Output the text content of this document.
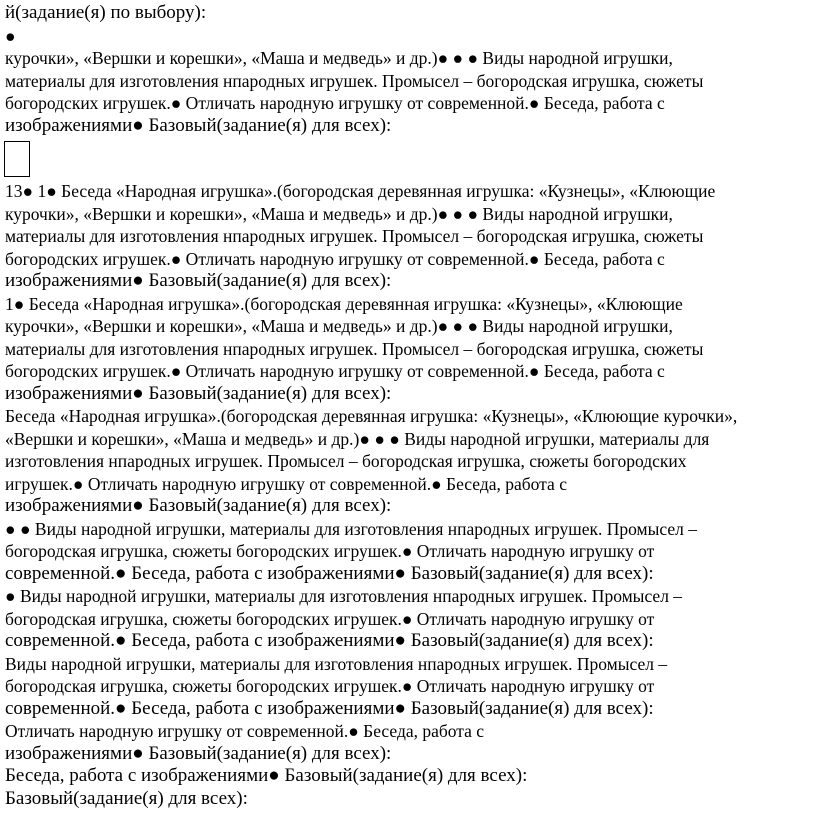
й(задание(я) по выбору):
●
курочки», «Вершки и корешки», «Маша и медведь» и др.)● ● ● Виды народной игрушки,
материалы для изготовления нпародных игрушек. Промысел – богородская игрушка, сюжеты
богородских игрушек.● Отличать народную игрушку от современной.● Беседа, работа с
изображениями● Базовый(задание(я) для всех):
13● 1● Беседа «Народная игрушка».(богородская деревянная игрушка: «Кузнецы», «Клюющие
курочки», «Вершки и корешки», «Маша и медведь» и др.)● ● ● Виды народной игрушки,
материалы для изготовления нпародных игрушек. Промысел – богородская игрушка, сюжеты
богородских игрушек.● Отличать народную игрушку от современной.● Беседа, работа с
изображениями● Базовый(задание(я) для всех):
1● Беседа «Народная игрушка».(богородская деревянная игрушка: «Кузнецы», «Клюющие
курочки», «Вершки и корешки», «Маша и медведь» и др.)● ● ● Виды народной игрушки,
материалы для изготовления нпародных игрушек. Промысел – богородская игрушка, сюжеты
богородских игрушек.● Отличать народную игрушку от современной.● Беседа, работа с
изображениями● Базовый(задание(я) для всех):
Беседа «Народная игрушка».(богородская деревянная игрушка: «Кузнецы», «Клюющие курочки»,
«Вершки и корешки», «Маша и медведь» и др.)● ● ● Виды народной игрушки, материалы для
изготовления нпародных игрушек. Промысел – богородская игрушка, сюжеты богородских
игрушек.● Отличать народную игрушку от современной.● Беседа, работа с
изображениями● Базовый(задание(я) для всех):
● ● Виды народной игрушки, материалы для изготовления нпародных игрушек. Промысел –
богородская игрушка, сюжеты богородских игрушек.● Отличать народную игрушку от
современной.● Беседа, работа с изображениями● Базовый(задание(я) для всех):
● Виды народной игрушки, материалы для изготовления нпародных игрушек. Промысел –
богородская игрушка, сюжеты богородских игрушек.● Отличать народную игрушку от
современной.● Беседа, работа с изображениями● Базовый(задание(я) для всех):
Виды народной игрушки, материалы для изготовления нпародных игрушек. Промысел –
богородская игрушка, сюжеты богородских игрушек.● Отличать народную игрушку от
современной.● Беседа, работа с изображениями● Базовый(задание(я) для всех):
Отличать народную игрушку от современной.● Беседа, работа с
изображениями● Базовый(задание(я) для всех):
Беседа, работа с изображениями● Базовый(задание(я) для всех):
Базовый(задание(я) для всех):
